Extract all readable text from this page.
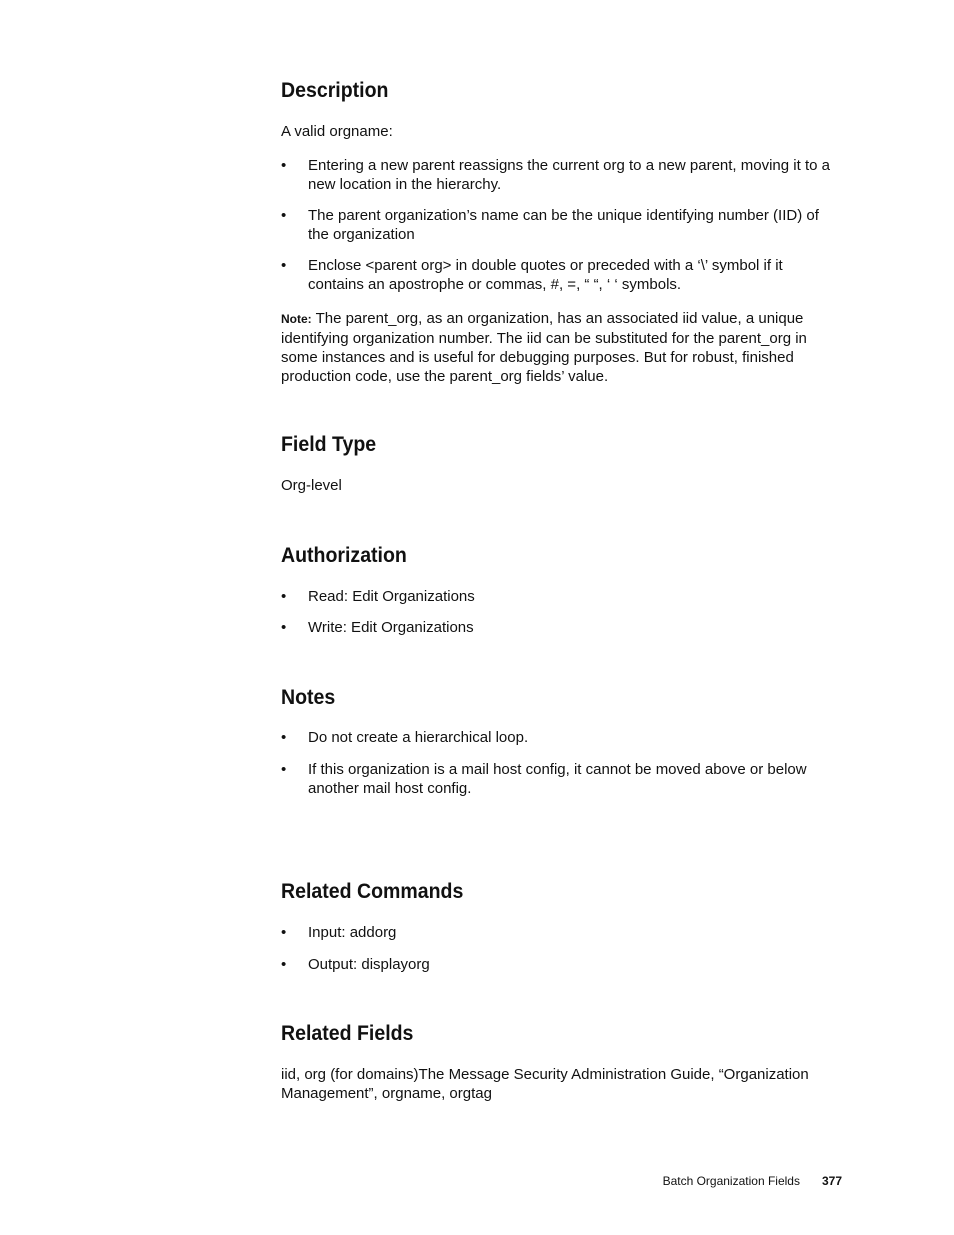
Description

A valid orgname:

• Entering a new parent reassigns the current org to a new parent, moving it to a new location in the hierarchy.
• The parent organization’s name can be the unique identifying number (IID) of the organization
• Enclose <parent org> in double quotes or preceded with a ‘\’ symbol if it contains an apostrophe or commas, #, =, “ “, ‘ ‘ symbols.

Note: The parent_org, as an organization, has an associated iid value, a unique identifying organization number. The iid can be substituted for the parent_org in some instances and is useful for debugging purposes. But for robust, finished production code, use the parent_org fields’ value.

Field Type

Org-level

Authorization
• Read: Edit Organizations
• Write: Edit Organizations
Notes
• Do not create a hierarchical loop.
• If this organization is a mail host config, it cannot be moved above or below another mail host config.
Related Commands
• Input: addorg
• Output: displayorg
Related Fields

iid, org (for domains)The Message Security Administration Guide, “Organization Management”, orgname, orgtag

Batch Organization Fields 377
